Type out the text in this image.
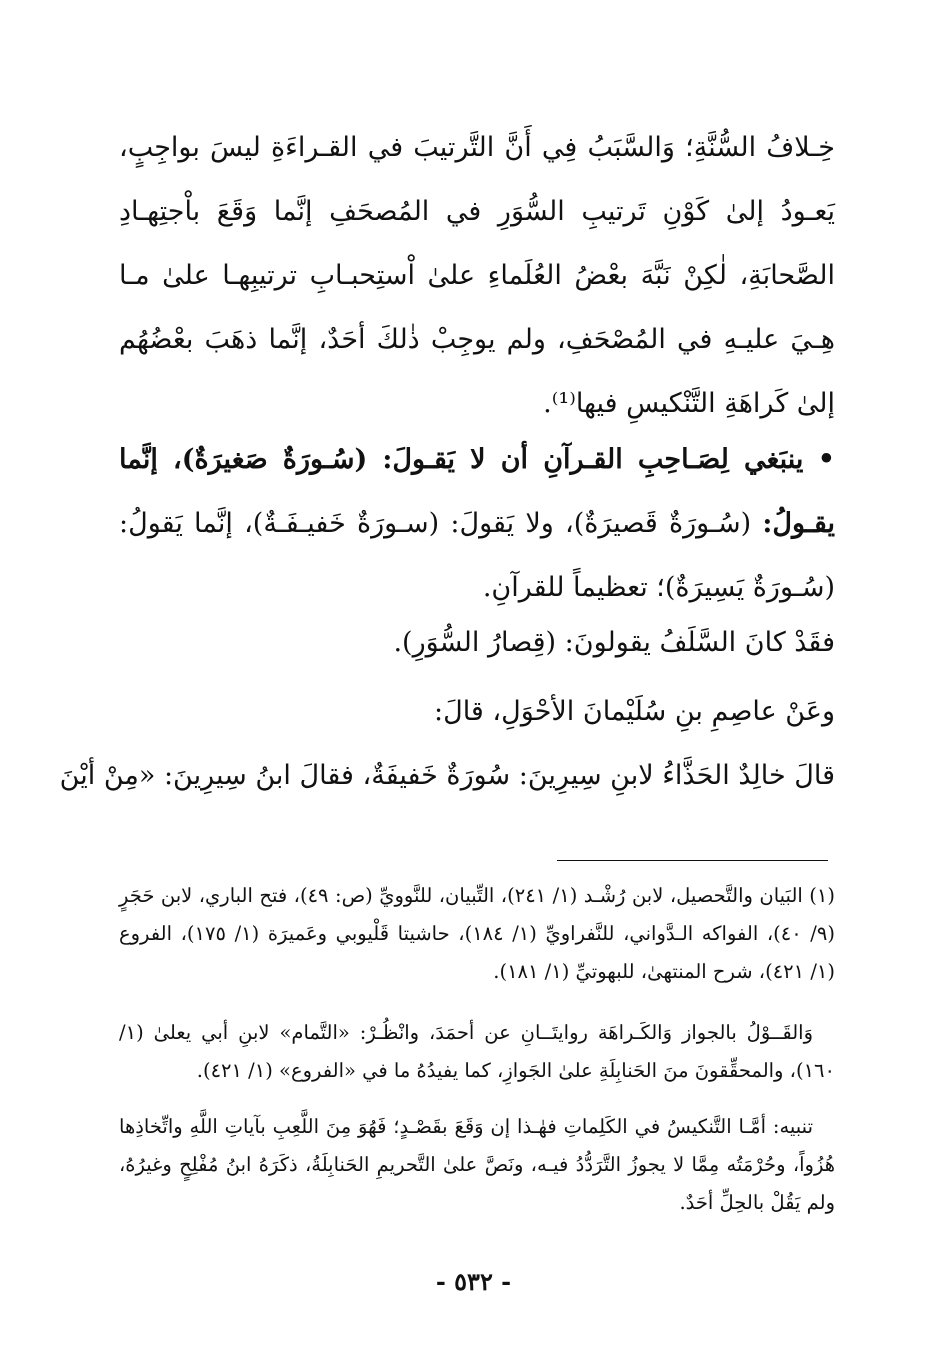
خِـلافُ السُّنَّةِ؛ وَالسَّبَبُ فِي أَنَّ التَّرتيبَ في القـراءَةِ ليسَ بواجِبٍ، يَعـودُ إلىٰ كَوْنِ تَرتيبِ السُّوَرِ في المُصحَفِ إنَّما وَقَعَ باْجتِهـادِ الصَّحابَةِ، لٰكِنْ نَبَّهَ بعْضُ العُلَماءِ علىٰ اْستِحبـابِ ترتيبِهـا علىٰ مـا هِـيَ عليـهِ في المُصْحَفِ، ولم يوجِبْ ذٰلكَ أحَدٌ، إنَّما ذهَبَ بعْضُهُم إلىٰ كَراهَةِ التَّنْكيسِ فيها⁽¹⁾.
• ينبَغي لِصَـاحِبِ القـرآنِ أن لا يَقـولَ: (سُـورَةٌ صَغيرَةٌ)، إنَّما يقـولُ: (سُـورَةٌ قَصيرَةٌ)، ولا يَقولَ: (سـورَةٌ خَفيـفَـةٌ)، إنَّما يَقولُ: (سُـورَةٌ يَسِيرَةٌ)؛ تعظيماً للقرآنِ.
فقَدْ كانَ السَّلَفُ يقولونَ: (قِصارُ السُّوَرِ).
وعَنْ عاصِمِ بنِ سُلَيْمانَ الأحْوَلِ، قالَ:
قالَ خالِدٌ الحَذَّاءُ لابنِ سِيرِينَ: سُورَةٌ خَفيفَةٌ، فقالَ ابنُ سِيرِينَ: «مِنْ أيْنَ
(١) البَيان والتَّحصيل، لابن رُشْـد (١/ ٢٤١)، التِّبيان، للنَّوويِّ (ص: ٤٩)، فتح الباري، لابن حَجَرٍ (٩/ ٤٠)، الفواكه الـدَّواني، للنَّفراويِّ (١/ ١٨٤)، حاشيتا قَلْيوبي وعَميرَة (١/ ١٧٥)، الفروع (١/ ٤٢١)، شرح المنتهىٰ، للبهوتيِّ (١/ ١٨١).
وَالقَــوْلُ بالجواز وَالكَـراهَة روايتَــانِ عن أحمَدَ، وانْظُـرْ: «التَّمام» لابنِ أبي يعلىٰ (١/ ١٦٠)، والمحقِّقونَ منَ الحَنابِلَةِ علىٰ الجَوازِ، كما يفيدُهُ ما في «الفروع» (١/ ٤٢١).
تنبيه: أمَّـا التَّنكيسُ في الكَلِماتِ فهٰـذا إن وَقَعَ بقَصْـدٍ؛ فَهُوَ مِنَ اللَّعِبِ بآياتِ اللَّهِ واتِّخاذِها هُزُواً، وحُرْمَتُه مِمَّا لا يجوزُ التَّرَدُّدُ فيـه، ونَصَّ علىٰ التَّحريمِ الحَنابِلَةُ، ذكَرَهُ ابنُ مُفْلِحٍ وغيرُهُ، ولم يَقُلْ بالحِلِّ أحَدٌ.
- ٥٣٢ -
